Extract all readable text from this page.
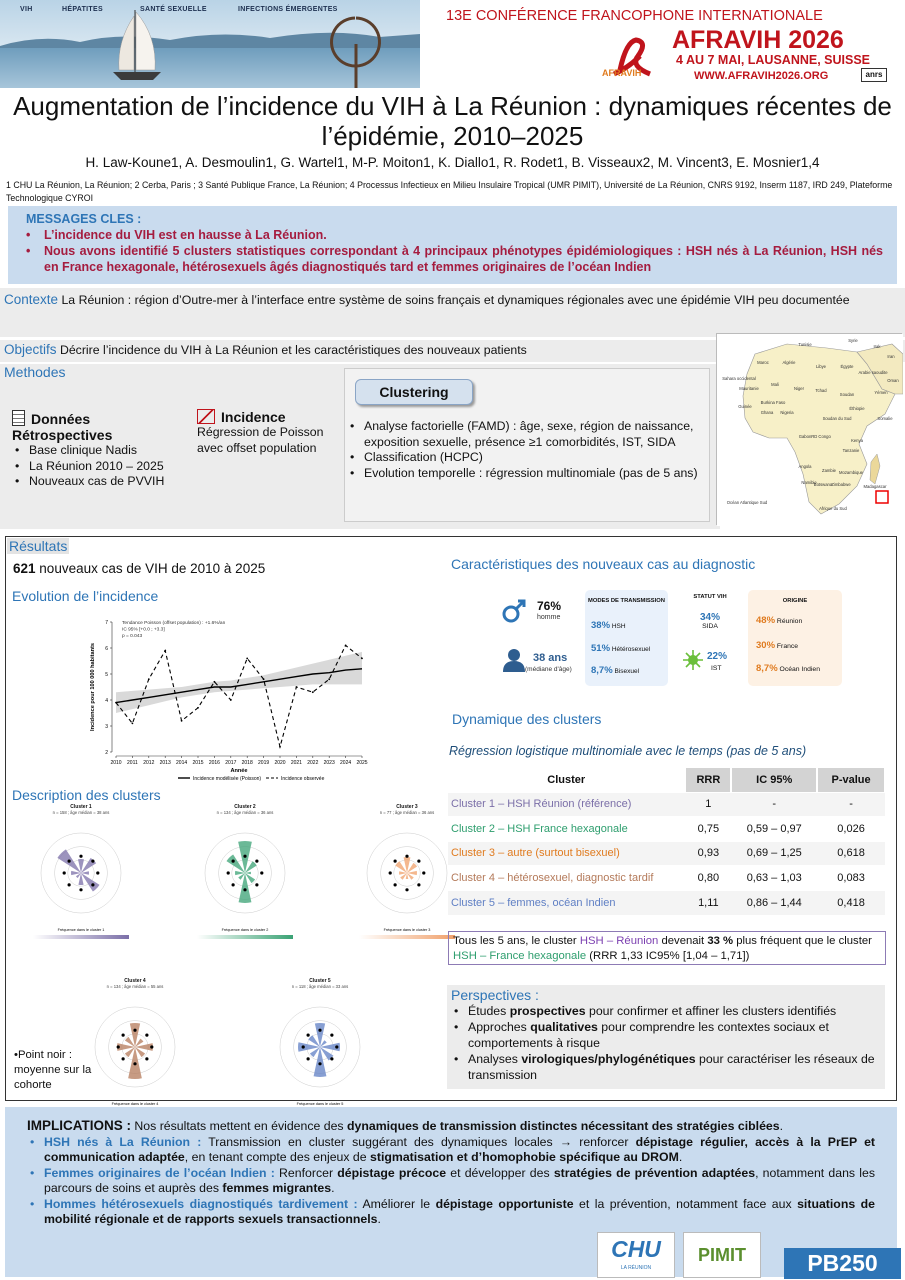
VIH	HÉPATITES	SANTÉ SEXUELLE	INFECTIONS ÉMERGENTES	13E CONFÉRENCE FRANCOPHONE INTERNATIONALE
AFRAVIH 2026
4 AU 7 MAI, LAUSANNE, SUISSE
WWW.AFRAVIH2026.ORG
AFRAVIH	anrs
Augmentation de l’incidence du VIH à La Réunion : dynamiques récentes de l’épidémie, 2010–2025
H. Law-Koune1, A. Desmoulin1, G. Wartel1, M-P. Moiton1, K. Diallo1, R. Rodet1, B. Visseaux2, M. Vincent3, E. Mosnier1,4
1 CHU La Réunion, La Réunion; 2 Cerba, Paris ; 3 Santé Publique France, La Réunion; 4 Processus Infectieux en Milieu Insulaire Tropical (UMR PIMIT), Université de La Réunion, CNRS 9192, Inserm 1187, IRD 249, Plateforme Technologique CYROI
MESSAGES CLES :
• L’incidence du VIH est en hausse à La Réunion.
• Nous avons identifié 5 clusters statistiques correspondant à 4 principaux phénotypes épidémiologiques : HSH nés à La Réunion, HSH nés en France hexagonale, hétérosexuels âgés diagnostiqués tard et femmes originaires de l’océan Indien
Contexte La Réunion : région d’Outre-mer à l’interface entre système de soins français et dynamiques régionales avec une épidémie VIH peu documentée
Objectifs Décrire l’incidence du VIH à La Réunion et les caractéristiques des nouveaux patients
Methodes
Données
Rétrospectives
• Base clinique Nadis
• La Réunion 2010 – 2025
• Nouveaux cas de PVVIH
Incidence
Régression de Poisson avec offset population
• Analyse factorielle (FAMD) : âge, sexe, région de naissance, exposition sexuelle, présence ≥1 comorbidités, IST, SIDA
• Classification (HCPC)
• Evolution temporelle : régression multinomiale (pas de 5 ans)
Clustering
Tunisie
Syrie
Irak
Iran
Maroc	Algérie
Libye	Égypte
Arabie saoudite
Oman
Sahara occidental
Mauritanie
Mali
Niger	Tchad
Soudan	Yémen
Burkina Faso
Guinée
Ghana Nigeria
Éthiopie
Soudan du Sud	Somalie
Gabon RD Congo
Kenya
Tanzanie
Angola
Zambie Mozambique
Namibie
Botswana Zimbabwe	Madagascar
Afrique du Sud
Océan Atlantique Sud
Résultats
621 nouveaux cas de VIH de 2010 à 2025
Evolution de l’incidence
2
3
4
5
6
7
2010 2011 2012 2013 2014 2015 2016 2017 2018 2019 2020 2021 2022 2023 2024 2025
Tendance Poisson (offset population) : +1.6%/an
IC 95% [+0.0 ; +3.3]
p = 0.043
Incidence pour 100 000 habitants
Année
Incidence modélisée (Poisson)	Incidence observée
Description des clusters
Cluster 1
n = 158 ; âge médian = 38 ans
Fréquence dans le cluster 1
Cluster 2
n = 134 ; âge médian = 36 ans
Fréquence dans le cluster 2
Cluster 3
n = 77 ; âge médian = 36 ans
Fréquence dans le cluster 3
Cluster 4
n = 134 ; âge médian = 55 ans
Fréquence dans le cluster 4
Cluster 5
n = 118 ; âge médian = 33 ans
Fréquence dans le cluster 5
•Point noir : moyenne sur la cohorte
Caractéristiques des nouveaux cas au diagnostic
76%
homme
38 ans
(médiane d'âge)
MODES DE TRANSMISSION
38% HSH
51% Hétérosexuel
8,7% Bisexuel
STATUT VIH
34%
SIDA
22%
IST
ORIGINE
48% Réunion
30% France
8,7% Océan Indien
Dynamique des clusters
Régression logistique multinomiale avec le temps (pas de 5 ans)
Cluster	RRR	IC 95%	P-value
Cluster 1 – HSH Réunion (référence)	1	-	-
Cluster 2 – HSH France hexagonale	0,75	0,59 – 0,97	0,026
Cluster 3 – autre (surtout bisexuel)	0,93	0,69 – 1,25	0,618
Cluster 4 – hétérosexuel, diagnostic tardif	0,80	0,63 – 1,03	0,083
Cluster 5 – femmes, océan Indien	1,11	0,86 – 1,44	0,418
Tous les 5 ans, le cluster HSH – Réunion devenait 33 % plus fréquent que le cluster HSH – France hexagonale (RRR 1,33 IC95% [1,04 – 1,71])
Perspectives :
• Études prospectives pour confirmer et affiner les clusters identifiés
• Approches qualitatives pour comprendre les contextes sociaux et comportements à risque
• Analyses virologiques/phylogénétiques pour caractériser les réseaux de transmission

IMPLICATIONS : Nos résultats mettent en évidence des dynamiques de transmission distinctes nécessitant des stratégies ciblées.

• HSH nés à La Réunion : Transmission en cluster suggérant des dynamiques locales → renforcer dépistage régulier, accès à la PrEP et communication adaptée, en tenant compte des enjeux de stigmatisation et d’homophobie spécifique au DROM.
• Femmes originaires de l’océan Indien : Renforcer dépistage précoce et développer des stratégies de prévention adaptées, notamment dans les parcours de soins et auprès des femmes migrantes.
• Hommes hétérosexuels diagnostiqués tardivement : Améliorer le dépistage opportuniste et la prévention, notamment face aux situations de mobilité régionale et de rapports sexuels transactionnels.
CHU
LA RÉUNION
PIMIT	PB250
